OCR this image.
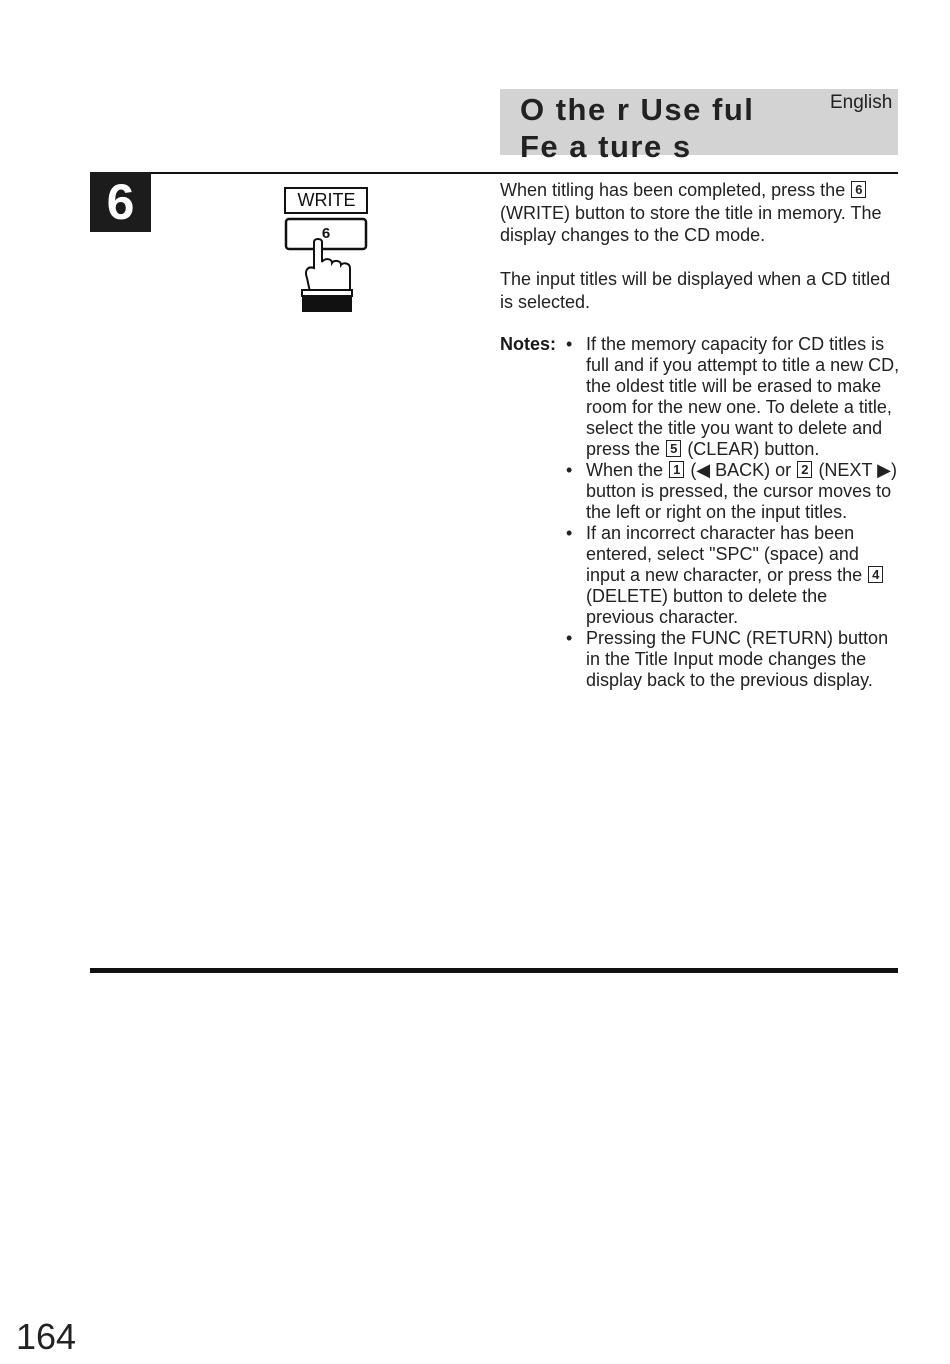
O the r Use ful
Fe a ture s
English
6	WRITE
6
When titling has been completed, press the 6 (WRITE) button to store the title in memory. The display changes to the CD mode.
The input titles will be displayed when a CD titled is selected.
Notes: • If the memory capacity for CD titles is full and if you attempt to title a new CD, the oldest title will be erased to make room for the new one. To delete a title, select the title you want to delete and press the 5 (CLEAR) button.
• When the 1 (◀ BACK) or 2 (NEXT ▶) button is pressed, the cursor moves to the left or right on the input titles.
• If an incorrect character has been entered, select "SPC" (space) and input a new character, or press the 4 (DELETE) button to delete the previous character.
• Pressing the FUNC (RETURN) button in the Title Input mode changes the display back to the previous display.
164
